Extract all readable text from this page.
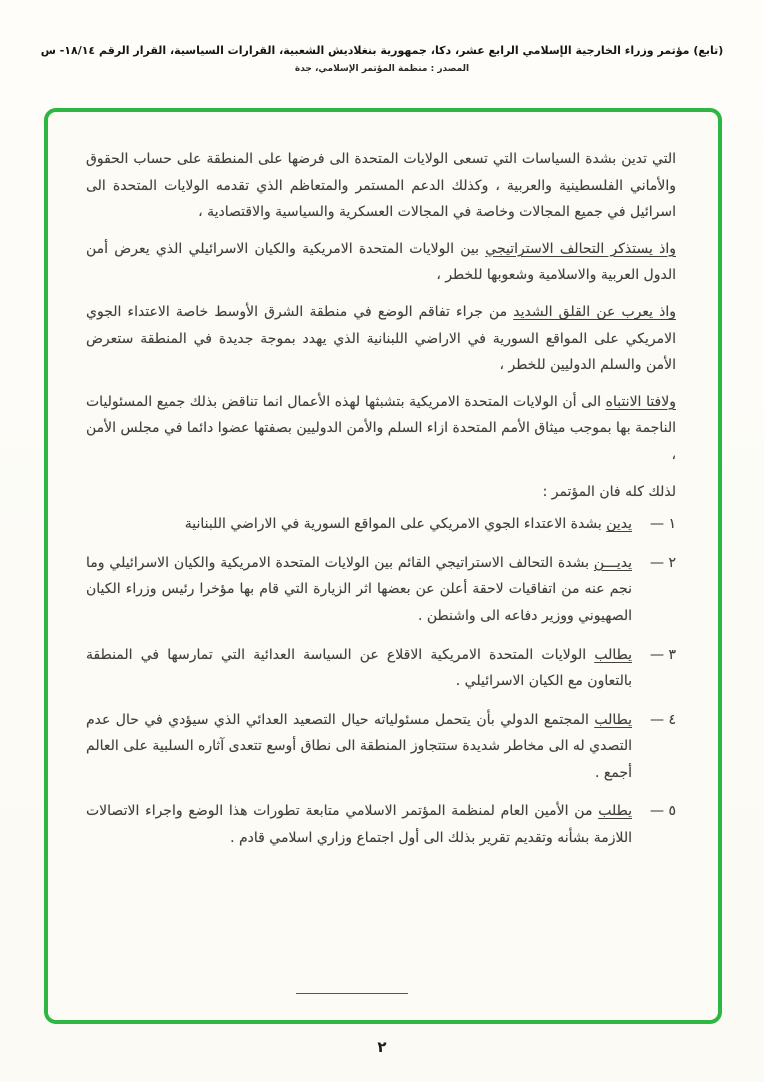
(تابع) مؤتمر وزراء الخارجية الإسلامي الرابع عشر، دكا، جمهورية بنغلاديش الشعبية، القرارات السياسية، القرار الرقم ١٨/١٤- س
المصدر : منظمة المؤتمر الإسلامي، جدة

التي تدين بشدة السياسات التي تسعى الولايات المتحدة الى فرضها على المنطقة على حساب الحقوق والأماني الفلسطينية والعربية ، وكذلك الدعم المستمر والمتعاظم الذي تقدمه الولايات المتحدة الى اسرائيل في جميع المجالات وخاصة في المجالات العسكرية والسياسية والاقتصادية ،

واذ يستذكر التحالف الاستراتيجي بين الولايات المتحدة الامريكية والكيان الاسرائيلي الذي يعرض أمن الدول العربية والاسلامية وشعوبها للخطر ،

واذ يعرب عن القلق الشديد من جراء تفاقم الوضع في منطقة الشرق الأوسط خاصة الاعتداء الجوي الامريكي على المواقع السورية في الاراضي اللبنانية الذي يهدد بموجة جديدة في المنطقة ستعرض الأمن والسلم الدوليين للخطر ،

ولافتا الانتباه الى أن الولايات المتحدة الامريكية بتشبثها لهذه الأعمال انما تناقض بذلك جميع المسئوليات الناجمة بها بموجب ميثاق الأمم المتحدة ازاء السلم والأمن الدوليين بصفتها عضوا دائما في مجلس الأمن ،

لذلك كله فان المؤتمر :

١ —
يدين بشدة الاعتداء الجوي الامريكي على المواقع السورية في الاراضي اللبنانية
٢ —
يديـــن بشدة التحالف الاستراتيجي القائم بين الولايات المتحدة الامريكية والكيان الاسرائيلي وما نجم عنه من اتفاقيات لاحقة أعلن عن بعضها اثر الزيارة التي قام بها مؤخرا رئيس وزراء الكيان الصهيوني ووزير دفاعه الى واشنطن .
٣ —
يطالب الولايات المتحدة الامريكية الاقلاع عن السياسة العدائية التي تمارسها في المنطقة بالتعاون مع الكيان الاسرائيلي .
٤ —
يطالب المجتمع الدولي بأن يتحمل مسئولياته حيال التصعيد العدائي الذي سيؤدي في حال عدم التصدي له الى مخاطر شديدة ستتجاوز المنطقة الى نطاق أوسع تتعدى آثاره السلبية على العالم أجمع .
٥ —
يطلب من الأمين العام لمنظمة المؤتمر الاسلامي متابعة تطورات هذا الوضع واجراء الاتصالات اللازمة بشأنه وتقديم تقرير بذلك الى أول اجتماع وزاري اسلامي قادم .
٢
